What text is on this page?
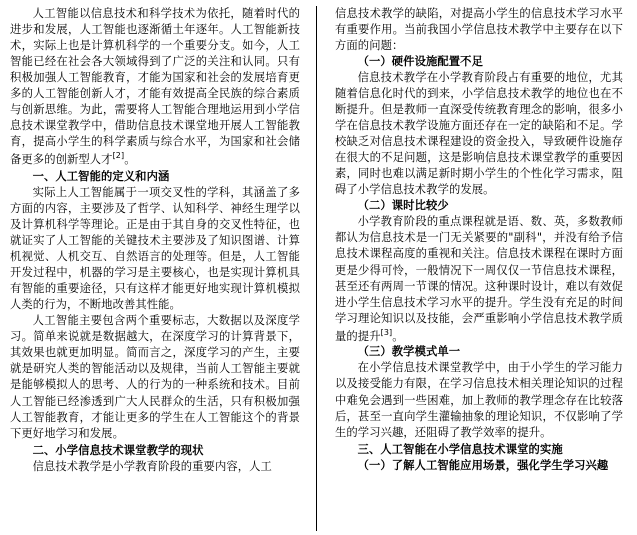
人工智能以信息技术和科学技术为依托，随着时代的进步和发展，人工智能也逐渐循土年逐年。人工智能新技术，实际上也是计算机科学的一个重要分支。如今，人工智能已经在社会各大领域得到了广泛的关注和认同。只有积极加强人工智能教育，才能为国家和社会的发展培育更多的人工智能创新人才，才能有效提高全民族的综合素质与创新思维。为此，需要将人工智能合理地运用到小学信息技术课堂教学中，借助信息技术课堂地开展人工智能教育，提高小学生的科学素质与综合水平，为国家和社会储备更多的创新型人才[2]。

一、人工智能的定义和内涵

实际上人工智能属于一项交叉性的学科，其涵盖了多方面的内容，主要涉及了哲学、认知科学、神经生理学以及计算机科学等理论。正是由于其自身的交叉性特征，也就证实了人工智能的关键技术主要涉及了知识图谱、计算机视觉、人机交互、自然语言的处理等。但是，人工智能开发过程中，机器的学习是主要核心，也是实现计算机具有智能的重要途径，只有这样才能更好地实现计算机模拟人类的行为，不断地改善其性能。

人工智能主要包含两个重要标志，大数据以及深度学习。简单来说就是数据越大，在深度学习的计算背景下，其效果也就更加明显。简而言之，深度学习的产生，主要就是研究人类的智能活动以及规律，当前人工智能主要就是能够模拟人的思考、人的行为的一种系统和技术。目前人工智能已经渗透到广大人民群众的生活，只有积极加强人工智能教育，才能让更多的学生在人工智能这个的背景下更好地学习和发展。

二、小学信息技术课堂教学的现状

信息技术教学是小学教育阶段的重要内容，人工

信息技术教学的缺陷，对提高小学生的信息技术学习水平有重要作用。当前我国小学信息技术教学中主要存在以下方面的问题：

（一）硬件设施配置不足

信息技术教学在小学教育阶段占有重要的地位，尤其随着信息化时代的到来，小学信息技术教学的地位也在不断提升。但是教师一直深受传统教育理念的影响，很多小学在信息技术教学设施方面还存在一定的缺陷和不足。学校缺乏对信息技术课程建设的资金投入，导致硬件设施存在很大的不足问题，这是影响信息技术课堂教学的重要因素，同时也难以满足新时期小学生的个性化学习需求，阻碍了小学信息技术教学的发展。

（二）课时比较少

小学教育阶段的重点课程就是语、数、英，多数教师都认为信息技术是一门无关紧要的"副科"，并没有给予信息技术课程高度的重视和关注。信息技术课程在课时方面更是少得可怜，一般情况下一周仅仅一节信息技术课程，甚至还有两周一节课的情况。这种课时设计，难以有效促进小学生信息技术学习水平的提升。学生没有充足的时间学习理论知识以及技能，会严重影响小学信息技术教学质量的提升[3]。

（三）教学模式单一

在小学信息技术课堂教学中，由于小学生的学习能力以及接受能力有限，在学习信息技术相关理论知识的过程中难免会遇到一些困难，加上教师的教学理念存在比较落后，甚至一直向学生灌输抽象的理论知识，不仅影响了学生的学习兴趣，还阻碍了教学效率的提升。

三、人工智能在小学信息技术课堂的实施

（一）了解人工智能应用场景，强化学生学习兴趣
